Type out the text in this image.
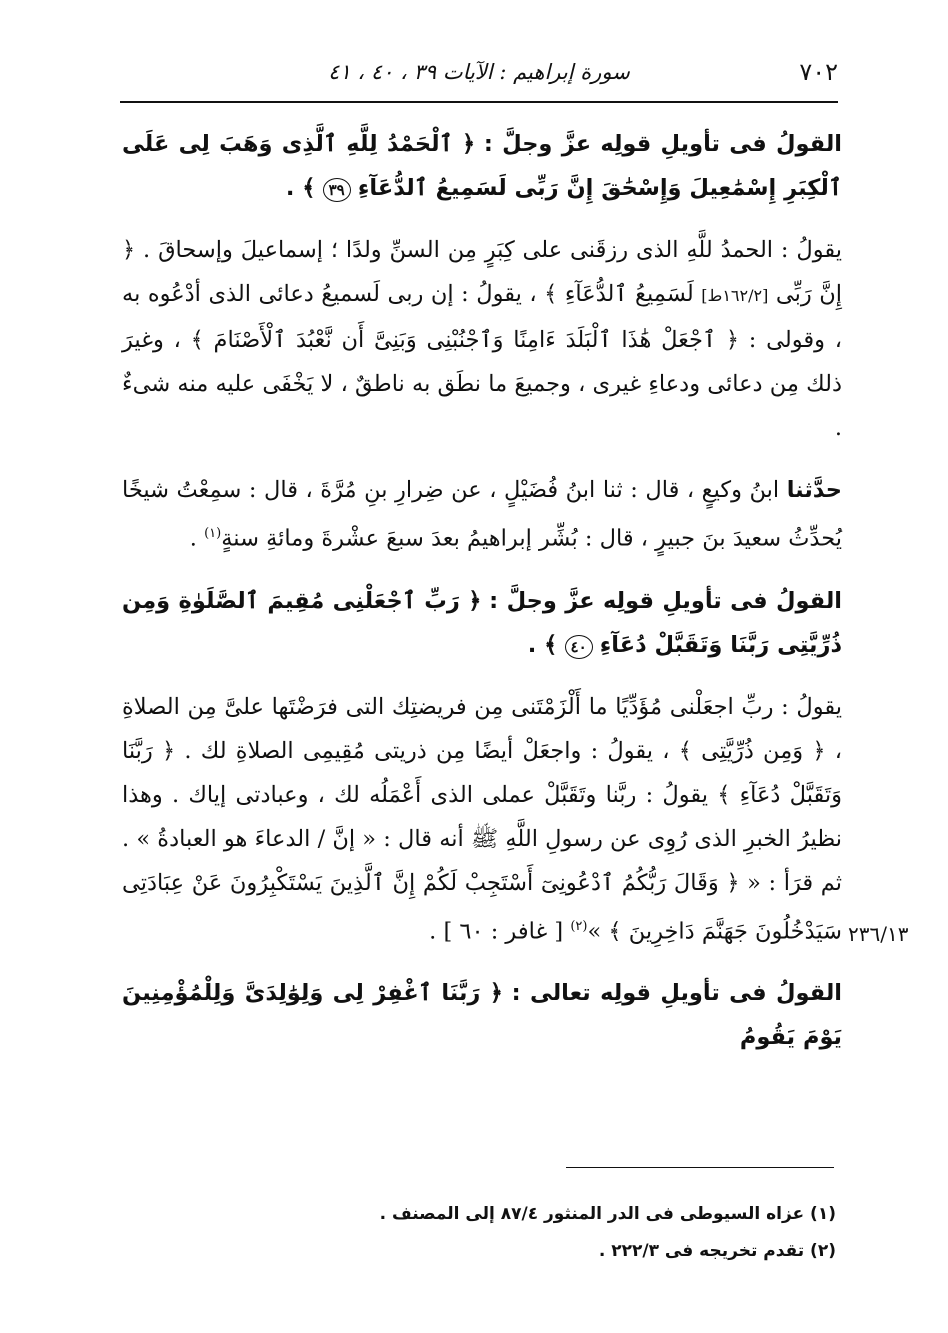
٧٠٢
سورة إبراهيم : الآيات ٣٩ ، ٤٠ ، ٤١
٢٣٦/١٣

القولُ فى تأويلِ قولِه عزَّ وجلَّ : ﴿ ٱلْحَمْدُ لِلَّهِ ٱلَّذِى وَهَبَ لِى عَلَى ٱلْكِبَرِ إِسْمَٰعِيلَ وَإِسْحَٰقَ إِنَّ رَبِّى لَسَمِيعُ ٱلدُّعَآءِ ٣٩ ﴾ .

يقولُ : الحمدُ للَّهِ الذى رزقَنى على كِبَرٍ مِن السنِّ ولدًا ؛ إسماعيلَ وإسحاقَ . ﴿ إِنَّ رَبِّى [١٦٢/٢ط] لَسَمِيعُ ٱلدُّعَآءِ ﴾ ، يقولُ : إن ربى لَسميعُ دعائى الذى أدْعُوه به ، وقولى : ﴿ ٱجْعَلْ هَٰذَا ٱلْبَلَدَ ءَامِنًا وَٱجْنُبْنِى وَبَنِىَّ أَن نَّعْبُدَ ٱلْأَصْنَامَ ﴾ ، وغيرَ ذلك مِن دعائى ودعاءِ غيرى ، وجميعَ ما نطَق به ناطقٌ ، لا يَخْفَى عليه منه شىءٌ .

حدَّثنا ابنُ وكيعٍ ، قال : ثنا ابنُ فُضَيْلٍ ، عن ضِرارِ بنِ مُرَّةَ ، قال : سمِعْتُ شيخًا يُحدِّثُ سعيدَ بنَ جبيرٍ ، قال : بُشِّر إبراهيمُ بعدَ سبعَ عشْرةَ ومائةِ سنةٍ$^{(١)}$ .

القولُ فى تأويلِ قولِه عزَّ وجلَّ : ﴿ رَبِّ ٱجْعَلْنِى مُقِيمَ ٱلصَّلَوٰةِ وَمِن ذُرِّيَّتِى رَبَّنَا وَتَقَبَّلْ دُعَآءِ ٤٠ ﴾ .

يقولُ : ربِّ اجعَلْنى مُؤَدِّيًا ما أَلْزَمْتَنى مِن فريضتِك التى فرَضْتَها علىَّ مِن الصلاةِ ، ﴿ وَمِن ذُرِّيَّتِى ﴾ ، يقولُ : واجعَلْ أيضًا مِن ذريتى مُقِيمِى الصلاةِ لك . ﴿ رَبَّنَا وَتَقَبَّلْ دُعَآءِ ﴾ يقولُ : ربَّنا وتَقَبَّلْ عملى الذى أَعْمَلُه لك ، وعبادتى إياك . وهذا نظيرُ الخبرِ الذى رُوِى عن رسولِ اللَّهِ ﷺ أنه قال : « إنَّ / الدعاءَ هو العبادةُ » . ثم قرَأ : « ﴿ وَقَالَ رَبُّكُمُ ٱدْعُونِىٓ أَسْتَجِبْ لَكُمْ إِنَّ ٱلَّذِينَ يَسْتَكْبِرُونَ عَنْ عِبَادَتِى سَيَدْخُلُونَ جَهَنَّمَ دَاخِرِينَ ﴾ »$^{(٢)}$ [ غافر : ٦٠ ] .

القولُ فى تأويلِ قولِه تعالى : ﴿ رَبَّنَا ٱغْفِرْ لِى وَلِوَٰلِدَىَّ وَلِلْمُؤْمِنِينَ يَوْمَ يَقُومُ

(١) عزاه السيوطى فى الدر المنثور ٨٧/٤ إلى المصنف .

(٢) تقدم تخريجه فى ٢٢٢/٣ .
